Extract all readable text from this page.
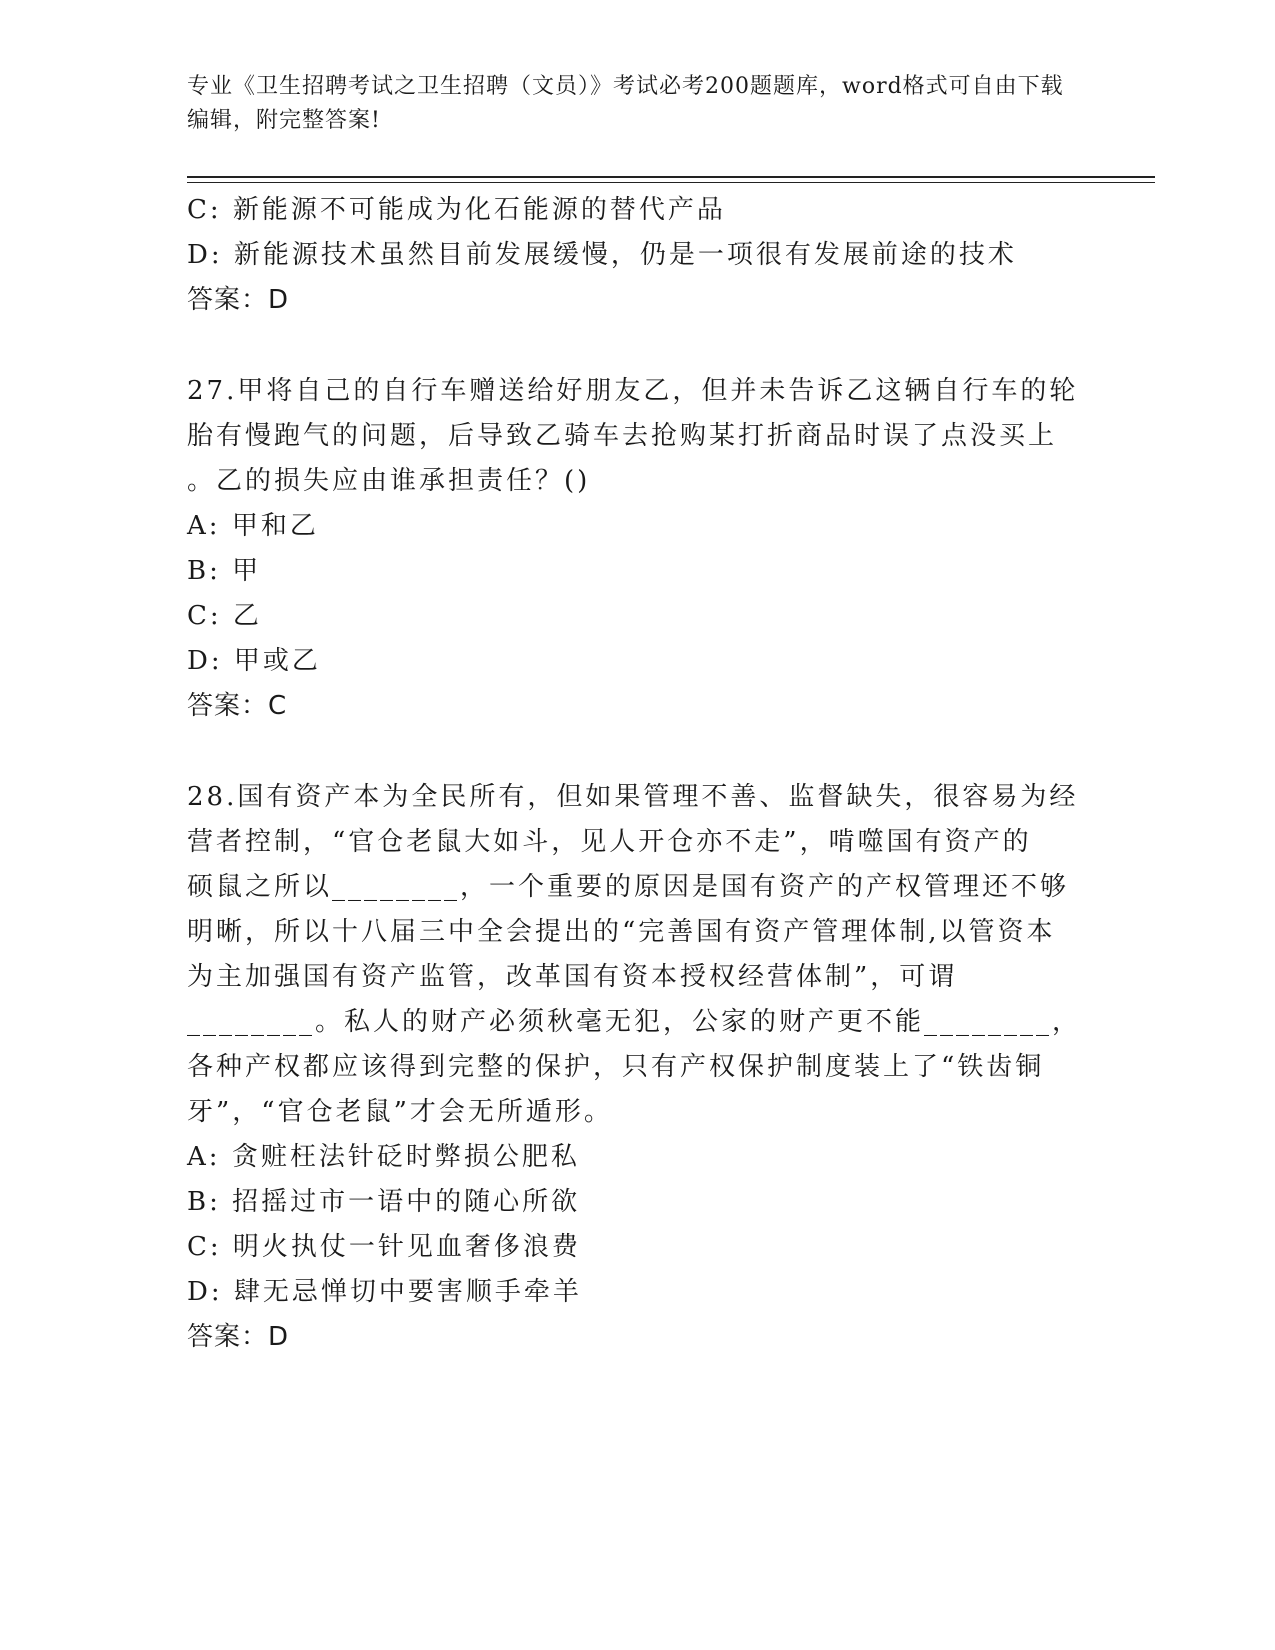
专业《卫生招聘考试之卫生招聘（文员）》考试必考200题题库，word格式可自由下载编辑，附完整答案!
C: 新能源不可能成为化石能源的替代产品
D: 新能源技术虽然目前发展缓慢，仍是一项很有发展前途的技术
答案：D
27.甲将自己的自行车赠送给好朋友乙，但并未告诉乙这辆自行车的轮
胎有慢跑气的问题，后导致乙骑车去抢购某打折商品时误了点没买上
。乙的损失应由谁承担责任？()
A: 甲和乙
B: 甲
C: 乙
D: 甲或乙
答案：C
28.国有资产本为全民所有，但如果管理不善、监督缺失，很容易为经
营者控制，“官仓老鼠大如斗，见人开仓亦不走”，啃噬国有资产的
硕鼠之所以________，一个重要的原因是国有资产的产权管理还不够
明晰，所以十八届三中全会提出的“完善国有资产管理体制,以管资本
为主加强国有资产监管，改革国有资本授权经营体制”，可谓
________。私人的财产必须秋毫无犯，公家的财产更不能________，
各种产权都应该得到完整的保护，只有产权保护制度装上了“铁齿铜
牙”，“官仓老鼠”才会无所遁形。
A: 贪赃枉法针砭时弊损公肥私
B: 招摇过市一语中的随心所欲
C: 明火执仗一针见血奢侈浪费
D: 肆无忌惮切中要害顺手牵羊
答案：D
